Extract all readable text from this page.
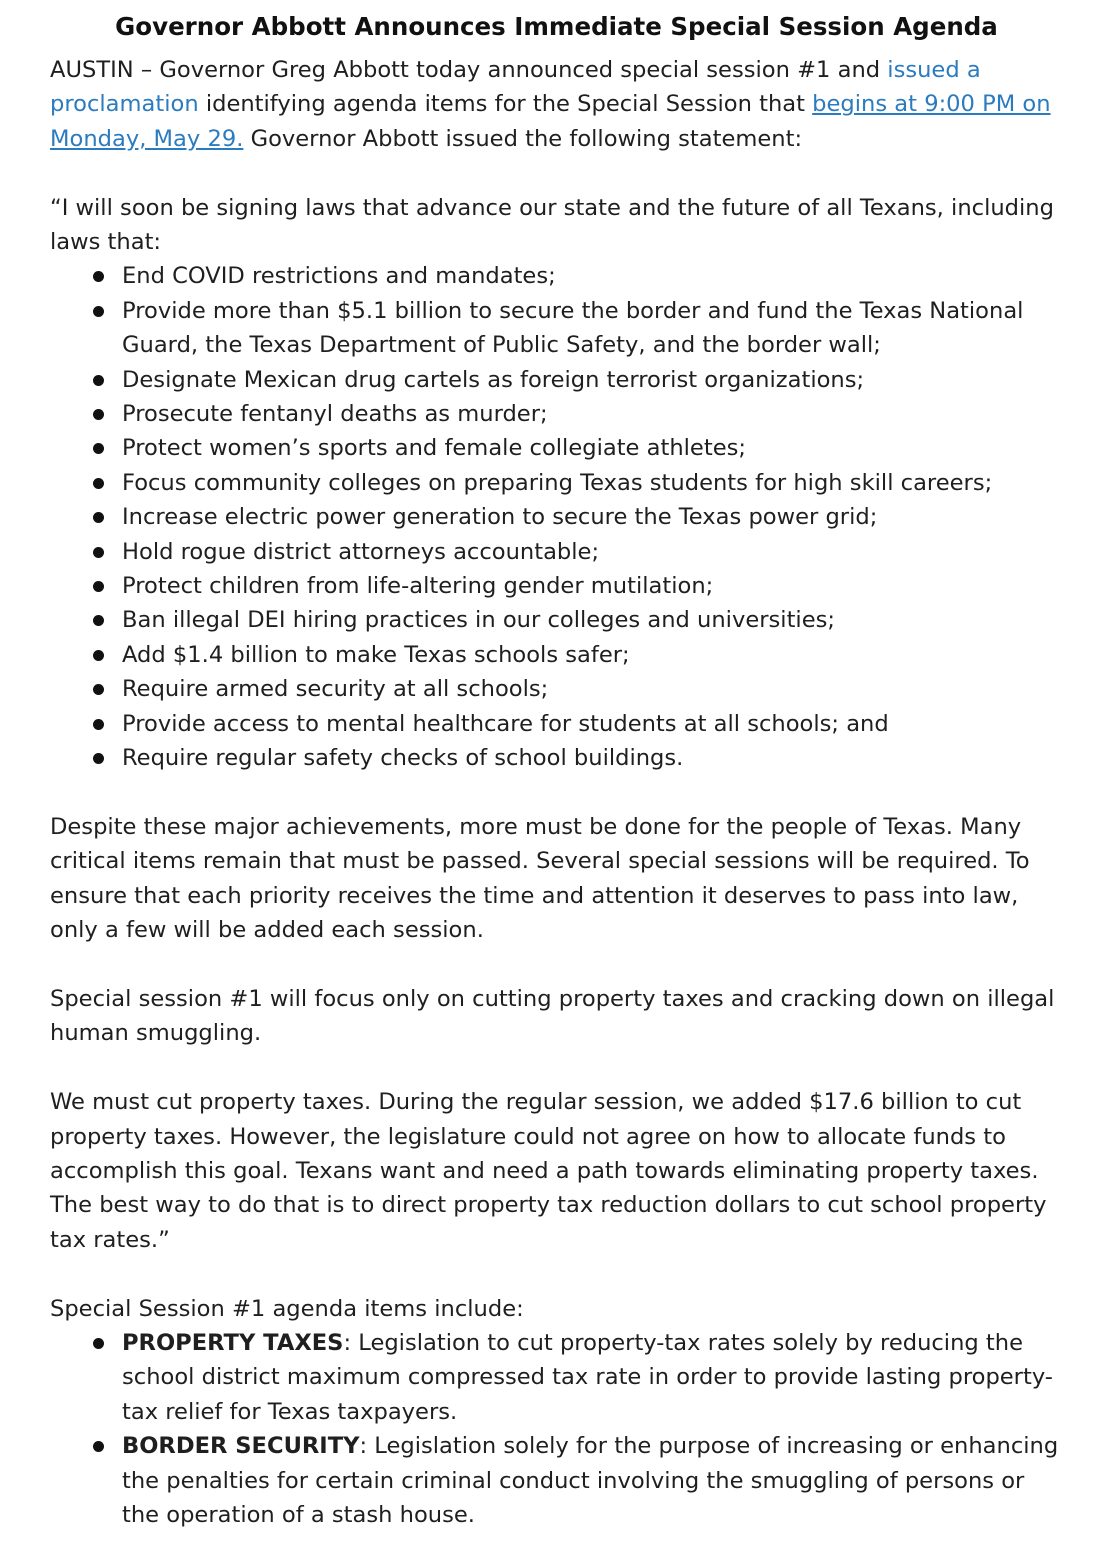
Governor Abbott Announces Immediate Special Session Agenda

AUSTIN – Governor Greg Abbott today announced special session #1 and issued a proclamation identifying agenda items for the Special Session that begins at 9:00 PM on Monday, May 29. Governor Abbott issued the following statement:

“I will soon be signing laws that advance our state and the future of all Texans, including laws that:

End COVID restrictions and mandates;
Provide more than $5.1 billion to secure the border and fund the Texas National Guard, the Texas Department of Public Safety, and the border wall;
Designate Mexican drug cartels as foreign terrorist organizations;
Prosecute fentanyl deaths as murder;
Protect women’s sports and female collegiate athletes;
Focus community colleges on preparing Texas students for high skill careers;
Increase electric power generation to secure the Texas power grid;
Hold rogue district attorneys accountable;
Protect children from life-altering gender mutilation;
Ban illegal DEI hiring practices in our colleges and universities;
Add $1.4 billion to make Texas schools safer;
Require armed security at all schools;
Provide access to mental healthcare for students at all schools; and
Require regular safety checks of school buildings.

Despite these major achievements, more must be done for the people of Texas. Many critical items remain that must be passed. Several special sessions will be required. To ensure that each priority receives the time and attention it deserves to pass into law, only a few will be added each session.

Special session #1 will focus only on cutting property taxes and cracking down on illegal human smuggling.

We must cut property taxes. During the regular session, we added $17.6 billion to cut property taxes. However, the legislature could not agree on how to allocate funds to accomplish this goal. Texans want and need a path towards eliminating property taxes. The best way to do that is to direct property tax reduction dollars to cut school property tax rates.”

Special Session #1 agenda items include:

PROPERTY TAXES: Legislation to cut property-tax rates solely by reducing the school district maximum compressed tax rate in order to provide lasting property-tax relief for Texas taxpayers.
BORDER SECURITY: Legislation solely for the purpose of increasing or enhancing the penalties for certain criminal conduct involving the smuggling of persons or the operation of a stash house.
